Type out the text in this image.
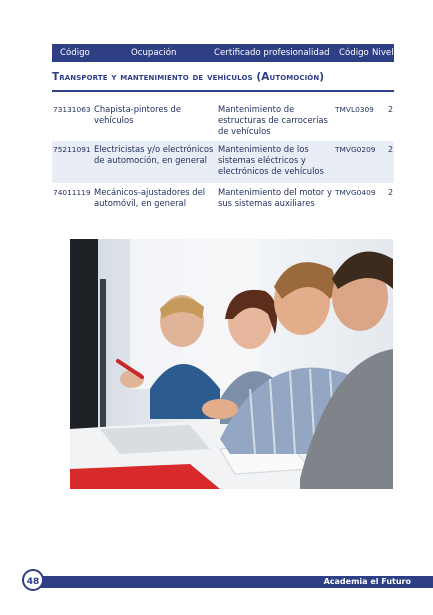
Código	Ocupación	Certificado profesionalidad Código Nivel
Transporte y mantenimiento de vehículos (Automoción)
73131063 Chapista-pintores de vehículos
Mantenimiento de estructuras de carrocerías de vehículos
TMVL0309 2
75211091 Electricistas y/o electrónicos de automoción, en general
Mantenimiento de los sistemas eléctricos y electrónicos de vehículos
TMVG0209 2
74011119 Mecánicos-ajustadores del automóvil, en general
Mantenimiento del motor y sus sistemas auxiliares
TMVG0409 2
Academia el Futuro
48
